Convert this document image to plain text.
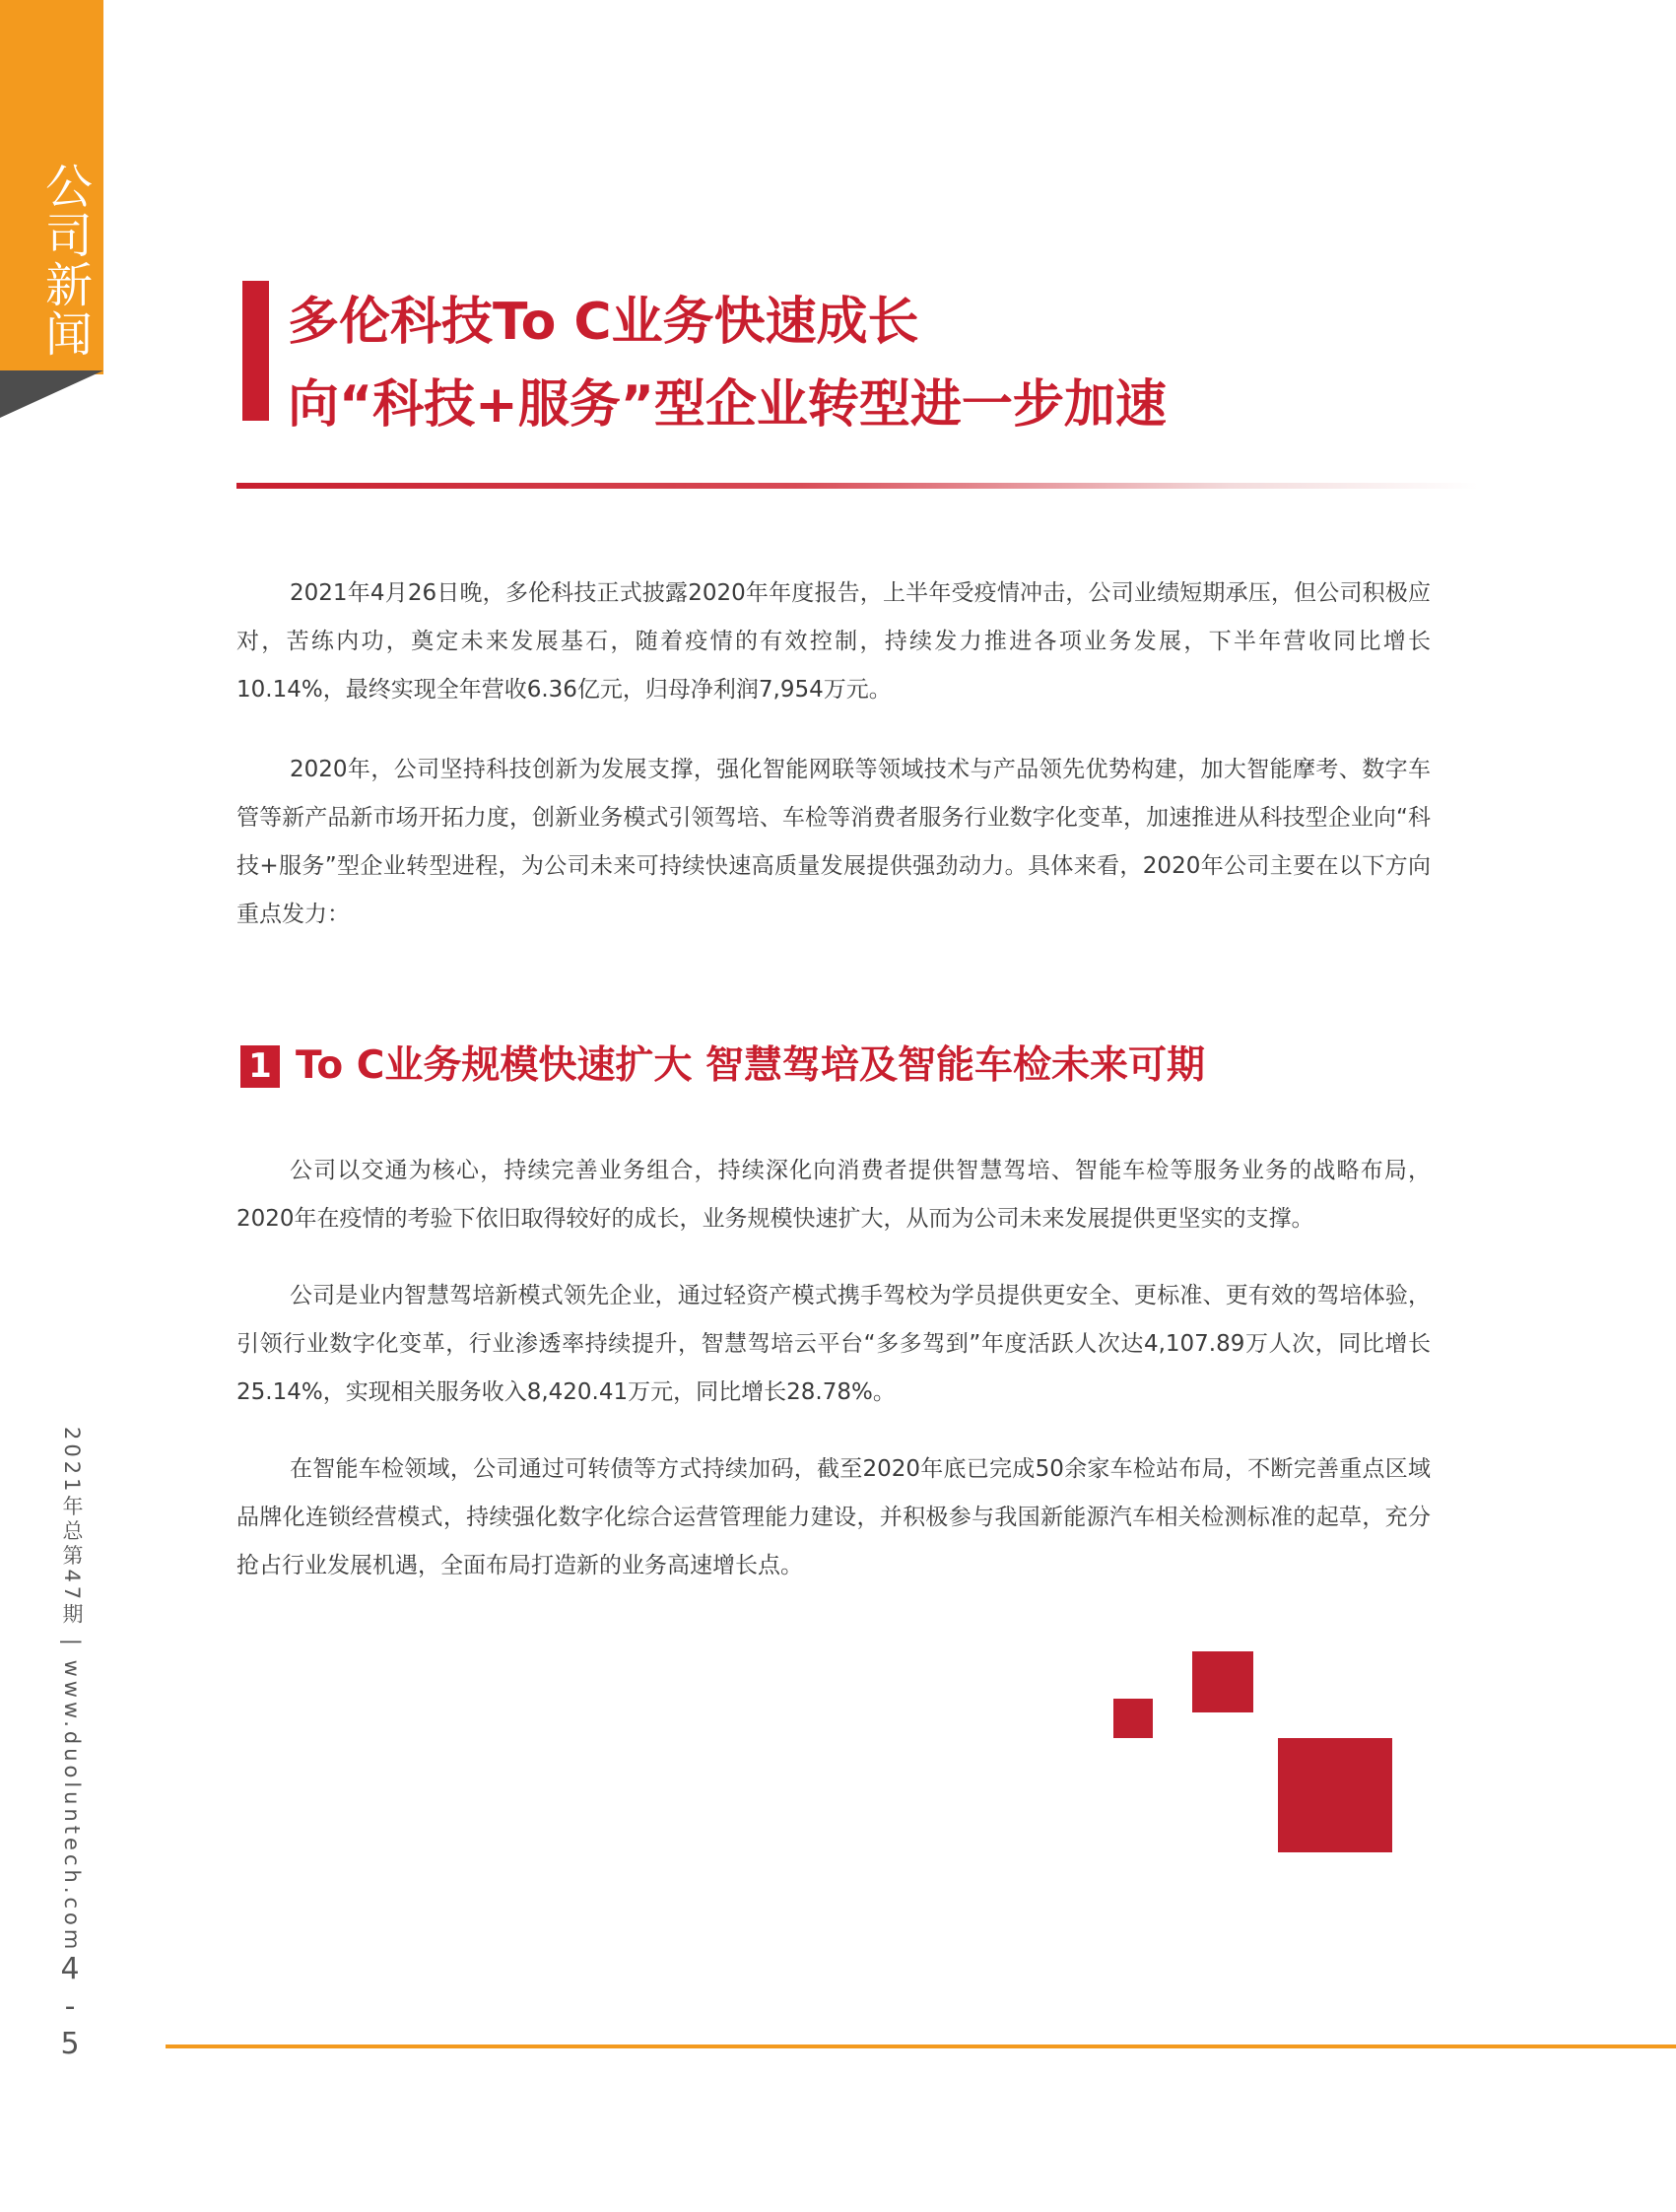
公司新闻	多伦科技To C业务快速成长
向“科技+服务”型企业转型进一步加速

2021年4月26日晚，多伦科技正式披露2020年年度报告，上半年受疫情冲击，公司业绩短期承压，但公司积极应对，苦练内功，奠定未来发展基石，随着疫情的有效控制，持续发力推进各项业务发展，下半年营收同比增长10.14%，最终实现全年营收6.36亿元，归母净利润7,954万元。

2020年，公司坚持科技创新为发展支撑，强化智能网联等领域技术与产品领先优势构建，加大智能摩考、数字车管等新产品新市场开拓力度，创新业务模式引领驾培、车检等消费者服务行业数字化变革，加速推进从科技型企业向“科技+服务”型企业转型进程，为公司未来可持续快速高质量发展提供强劲动力。具体来看，2020年公司主要在以下方向重点发力：

1 To C业务规模快速扩大 智慧驾培及智能车检未来可期

公司以交通为核心，持续完善业务组合，持续深化向消费者提供智慧驾培、智能车检等服务业务的战略布局，2020年在疫情的考验下依旧取得较好的成长，业务规模快速扩大，从而为公司未来发展提供更坚实的支撑。

公司是业内智慧驾培新模式领先企业，通过轻资产模式携手驾校为学员提供更安全、更标准、更有效的驾培体验，引领行业数字化变革，行业渗透率持续提升，智慧驾培云平台“多多驾到”年度活跃人次达4,107.89万人次，同比增长25.14%，实现相关服务收入8,420.41万元，同比增长28.78%。

在智能车检领域，公司通过可转债等方式持续加码，截至2020年底已完成50余家车检站布局，不断完善重点区域品牌化连锁经营模式，持续强化数字化综合运营管理能力建设，并积极参与我国新能源汽车相关检测标准的起草，充分抢占行业发展机遇，全面布局打造新的业务高速增长点。

2021年总第47期 | www.duoluntech.com
4
-
5
